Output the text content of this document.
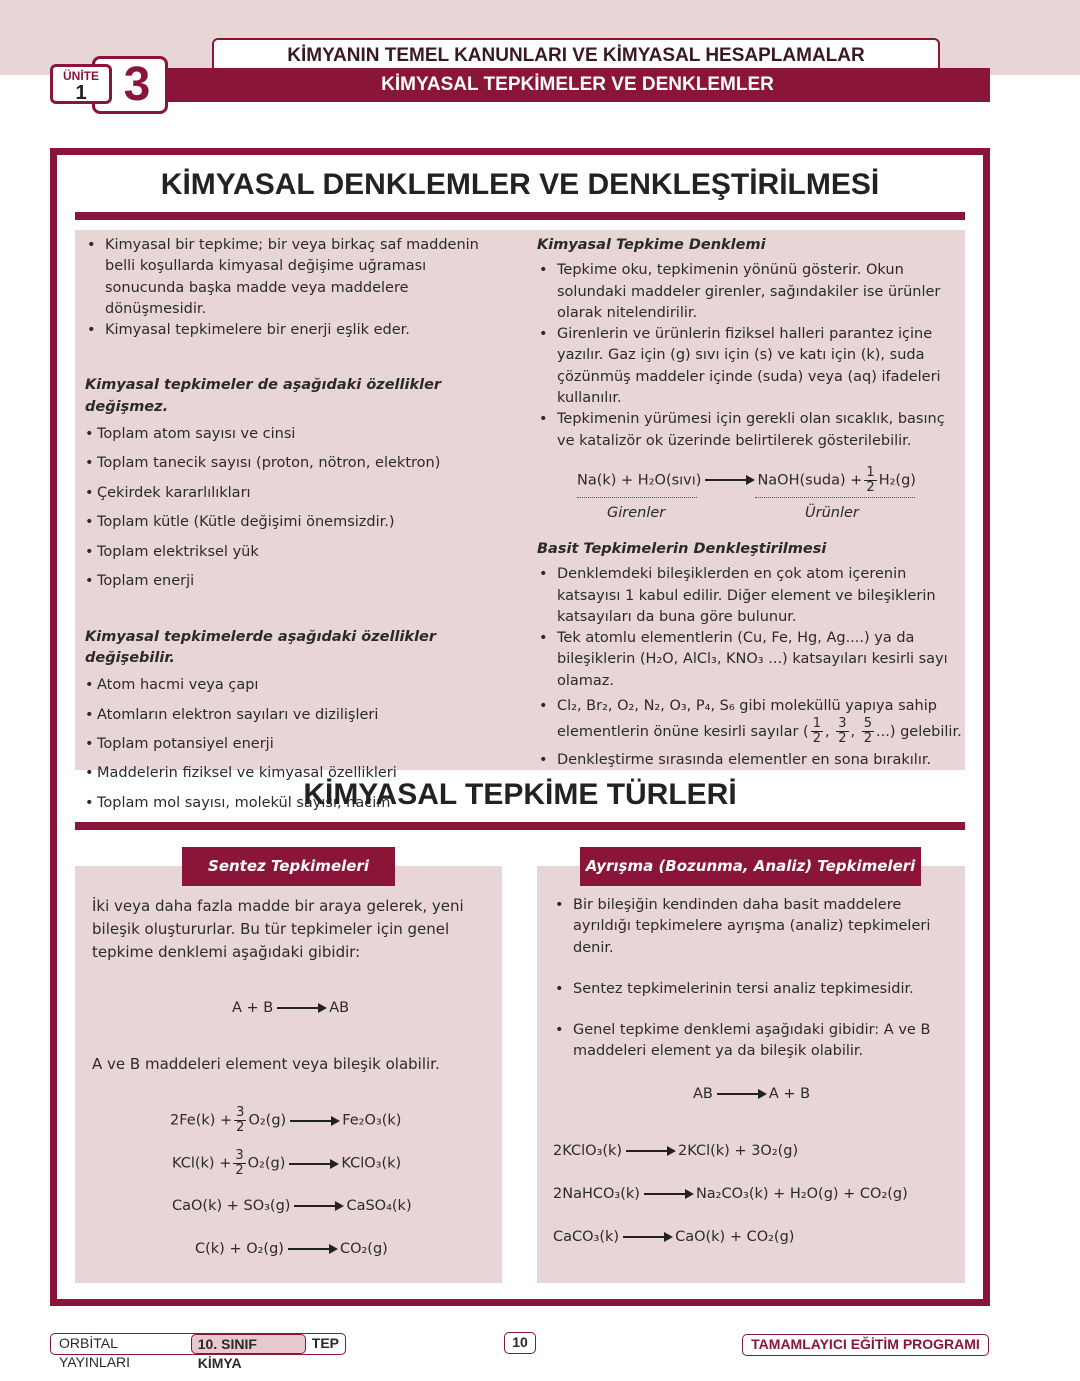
KİMYANIN TEMEL KANUNLARI VE KİMYASAL HESAPLAMALAR
KİMYASAL TEPKİMELER VE DENKLEMLER
3
ÜNİTE
1
KİMYASAL DENKLEMLER VE DENKLEŞTİRİLMESİ
• Kimyasal bir tepkime; bir veya birkaç saf maddenin belli koşullarda kimyasal değişime uğraması sonucunda başka madde veya maddelere dönüşmesidir.
• Kimyasal tepkimelere bir enerji eşlik eder.
Kimyasal tepkimeler de aşağıdaki özellikler değişmez.
• Toplam atom sayısı ve cinsi
• Toplam tanecik sayısı (proton, nötron, elektron)
• Çekirdek kararlılıkları
• Toplam kütle (Kütle değişimi önemsizdir.)
• Toplam elektriksel yük
• Toplam enerji
Kimyasal tepkimelerde aşağıdaki özellikler değişebilir.
• Atom hacmi veya çapı
• Atomların elektron sayıları ve dizilişleri
• Toplam potansiyel enerji
• Maddelerin fiziksel ve kimyasal özellikleri
• Toplam mol sayısı, molekül sayısı, hacim
Kimyasal Tepkime Denklemi
• Tepkime oku, tepkimenin yönünü gösterir. Okun solundaki maddeler girenler, sağındakiler ise ürünler olarak nitelendirilir.
• Girenlerin ve ürünlerin fiziksel halleri parantez içine yazılır. Gaz için (g) sıvı için (s) ve katı için (k), suda çözünmüş maddeler içinde (suda) veya (aq) ifadeleri kullanılır.
• Tepkimenin yürümesi için gerekli olan sıcaklık, basınç ve katalizör ok üzerinde belirtilerek gösterilebilir.
Na(k) + H₂O(sıvı)	NaOH(suda) + $\frac{1}{2} H_2(g)$
Girenler	Ürünler
Basit Tepkimelerin Denkleştirilmesi
• Denklemdeki bileşiklerden en çok atom içerenin katsayısı 1 kabul edilir. Diğer element ve bileşiklerin katsayıları da buna göre bulunur.
• Tek atomlu elementlerin (Cu, Fe, Hg, Ag....) ya da bileşiklerin (H₂O, AlCl₃, KNO₃ ...) katsayıları kesirli sayı olamaz.
• Cl₂, Br₂, O₂, N₂, O₃, P₄, S₆ gibi moleküllü yapıya sahip
elementlerin önüne kesirli sayılar ( $\frac{1}{2}$ , $\frac{3}{2}$ , $\frac{5}{2}$ ...) gelebilir.
• Denkleştirme sırasında elementler en sona bırakılır.
KİMYASAL TEPKİME TÜRLERİ
Sentez Tepkimeleri
İki veya daha fazla madde bir araya gelerek, yeni bileşik oluştururlar. Bu tür tepkimeler için genel tepkime denklemi aşağıdaki gibidir:
A + B	AB
A ve B maddeleri element veya bileşik olabilir.
$2Fe(k) + \frac{3}{2} O_2(g)$	Fe₂O₃(k)
$KCl(k) + \frac{3}{2} O_2(g)$	KClO₃(k)
CaO(k) + SO₃(g)	CaSO₄(k)
C(k) + O₂(g)	CO₂(g)
Ayrışma (Bozunma, Analiz) Tepkimeleri
• Bir bileşiğin kendinden daha basit maddelere ayrıldığı tepkimelere ayrışma (analiz) tepkimeleri denir.
• Sentez tepkimelerinin tersi analiz tepkimesidir.
• Genel tepkime denklemi aşağıdaki gibidir: A ve B maddeleri element ya da bileşik olabilir.
AB	A + B
2KClO₃(k)	2KCl(k) + 3O₂(g)
2NaHCO₃(k)	Na₂CO₃(k) + H₂O(g) + CO₂(g)
CaCO₃(k)	CaO(k) + CO₂(g)
ORBİTAL YAYINLARI
10. SINIF KİMYA
TEP	10	TAMAMLAYICI EĞİTİM PROGRAMI
